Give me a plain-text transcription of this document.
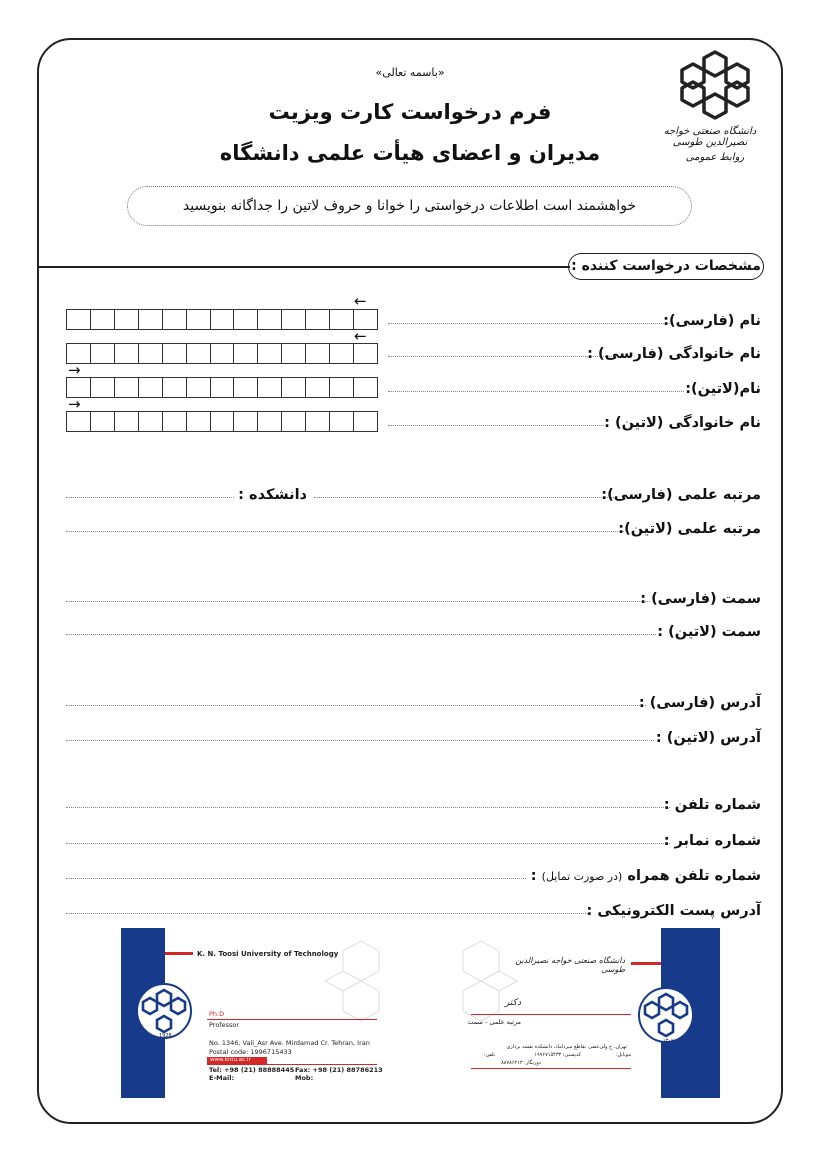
«باسمه تعالی»
فرم درخواست کارت ویزیت
مدیران و اعضای هیأت علمی دانشگاه
خواهشمند است اطلاعات درخواستی را خوانا و حروف لاتین را جداگانه بنویسید
دانشگاه صنعتی خواجه نصیرالدین طوسی
روابط عمومی
مشخصات درخواست کننده :
←
نام (فارسی):
←
نام خانوادگی (فارسی) :
→
نام(لاتین):
→
نام خانوادگی (لاتین) :
دانشکده :	مرتبه علمی (فارسی):
مرتبه علمی (لاتین):
سمت (فارسی) :
سمت (لاتین) :
آدرس (فارسی) :
آدرس (لاتین) :
شماره تلفن :
شماره نمابر :
شماره تلفن همراه (در صورت تمایل) :
آدرس پست الکترونیکی :
K. N. Toosi University of Technology
1928
Ph.D
Professor
No. 1346, Vali_Asr Ave. Mirdamad Cr. Tehran, Iran
Postal code: 1996715433
www.kntu.ac.ir
Tel: +98 (21) 88888445 Fax: +98 (21) 88786213
E-Mail:	Mob:
دانشگاه صنعتی خواجه نصیرالدین طوسی
۱۳۰۷
دکتر
مرتبه علمی - سمت
تهران، خ ولی‌عصر، تقاطع میرداماد، دانشکده نقشه برداری
موبایل:
کدپستی: ۱۹۹۶۷۱۵۴۳۳
تلفن:
دورنگار: ۸۸۷۸۶۲۱۳
